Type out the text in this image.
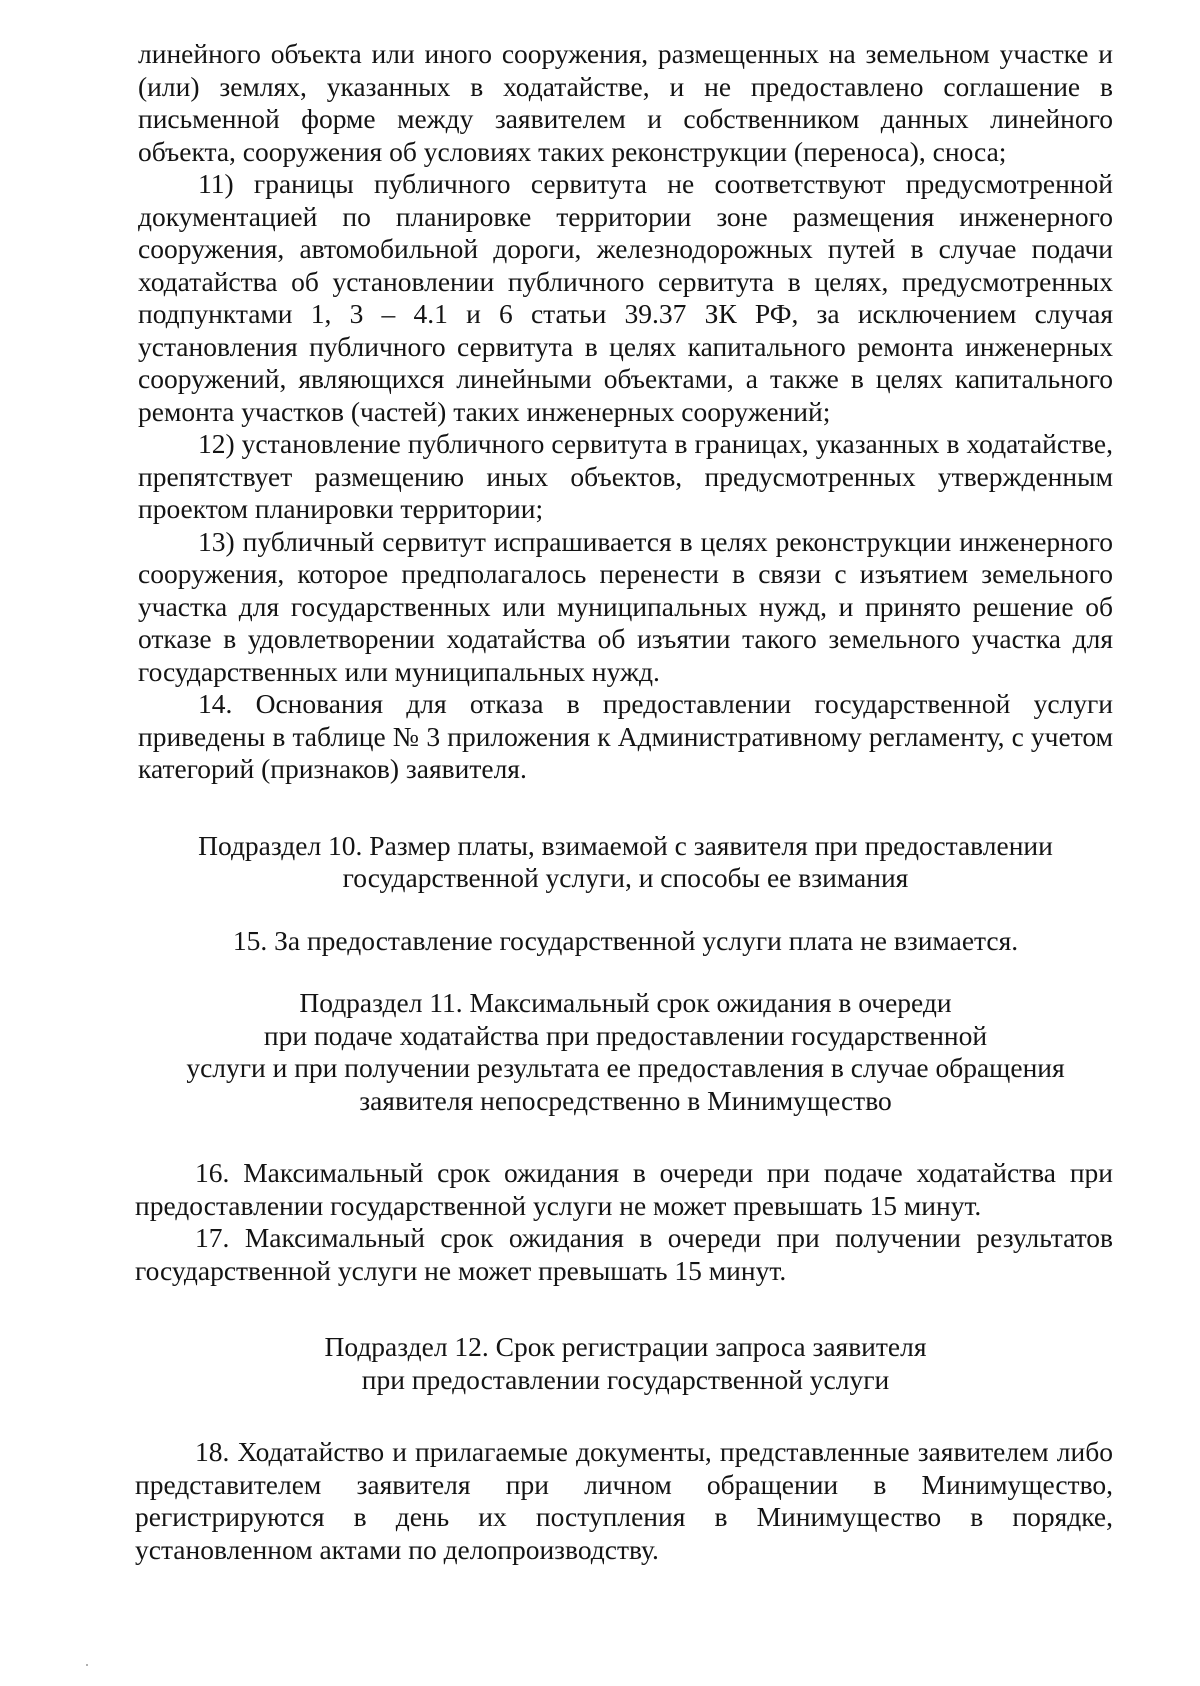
линейного объекта или иного сооружения, размещенных на земельном участке и (или) землях, указанных в ходатайстве, и не предоставлено соглашение в письменной форме между заявителем и собственником данных линейного объекта, сооружения об условиях таких реконструкции (переноса), сноса;

11) границы публичного сервитута не соответствуют предусмотренной документацией по планировке территории зоне размещения инженерного сооружения, автомобильной дороги, железнодорожных путей в случае подачи ходатайства об установлении публичного сервитута в целях, предусмотренных подпунктами 1, 3 – 4.1 и 6 статьи 39.37 ЗК РФ, за исключением случая установления публичного сервитута в целях капитального ремонта инженерных сооружений, являющихся линейными объектами, а также в целях капитального ремонта участков (частей) таких инженерных сооружений;

12) установление публичного сервитута в границах, указанных в ходатайстве, препятствует размещению иных объектов, предусмотренных утвержденным проектом планировки территории;

13) публичный сервитут испрашивается в целях реконструкции инженерного сооружения, которое предполагалось перенести в связи с изъятием земельного участка для государственных или муниципальных нужд, и принято решение об отказе в удовлетворении ходатайства об изъятии такого земельного участка для государственных или муниципальных нужд.

14. Основания для отказа в предоставлении государственной услуги приведены в таблице № 3 приложения к Административному регламенту, с учетом категорий (признаков) заявителя.

Подраздел 10. Размер платы, взимаемой с заявителя при предоставлении
государственной услуги, и способы ее взимания

15. За предоставление государственной услуги плата не взимается.

Подраздел 11. Максимальный срок ожидания в очереди
при подаче ходатайства при предоставлении государственной
услуги и при получении результата ее предоставления в случае обращения
заявителя непосредственно в Минимущество

16. Максимальный срок ожидания в очереди при подаче ходатайства при предоставлении государственной услуги не может превышать 15 минут.

17. Максимальный срок ожидания в очереди при получении результатов государственной услуги не может превышать 15 минут.

Подраздел 12. Срок регистрации запроса заявителя
при предоставлении государственной услуги

18. Ходатайство и прилагаемые документы, представленные заявителем либо представителем заявителя при личном обращении в Минимущество, регистрируются в день их поступления в Минимущество в порядке, установленном актами по делопроизводству.
